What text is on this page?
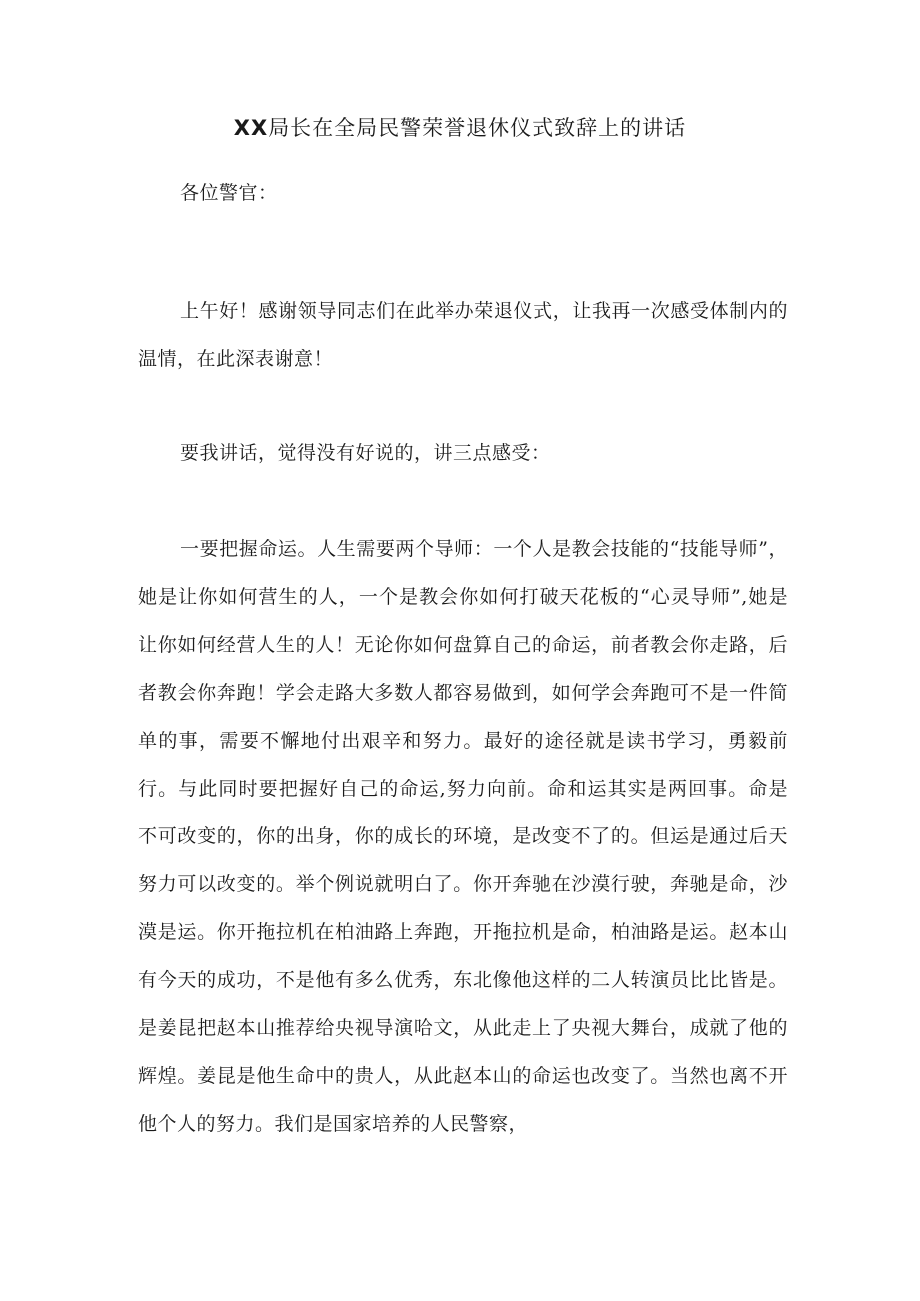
XX局长在全局民警荣誉退休仪式致辞上的讲话

各位警官：

上午好！感谢领导同志们在此举办荣退仪式，让我再一次感受体制内的温情，在此深表谢意！

要我讲话，觉得没有好说的，讲三点感受：

一要把握命运。人生需要两个导师：一个人是教会技能的“技能导师”，她是让你如何营生的人，一个是教会你如何打破天花板的“心灵导师”,她是让你如何经营人生的人！无论你如何盘算自己的命运，前者教会你走路，后者教会你奔跑！学会走路大多数人都容易做到，如何学会奔跑可不是一件简单的事，需要不懈地付出艰辛和努力。最好的途径就是读书学习，勇毅前行。与此同时要把握好自己的命运,努力向前。命和运其实是两回事。命是不可改变的，你的出身，你的成长的环境，是改变不了的。但运是通过后天努力可以改变的。举个例说就明白了。你开奔驰在沙漠行驶，奔驰是命，沙漠是运。你开拖拉机在柏油路上奔跑，开拖拉机是命，柏油路是运。赵本山有今天的成功，不是他有多么优秀，东北像他这样的二人转演员比比皆是。是姜昆把赵本山推荐给央视导演哈文，从此走上了央视大舞台，成就了他的辉煌。姜昆是他生命中的贵人，从此赵本山的命运也改变了。当然也离不开他个人的努力。我们是国家培养的人民警察，
